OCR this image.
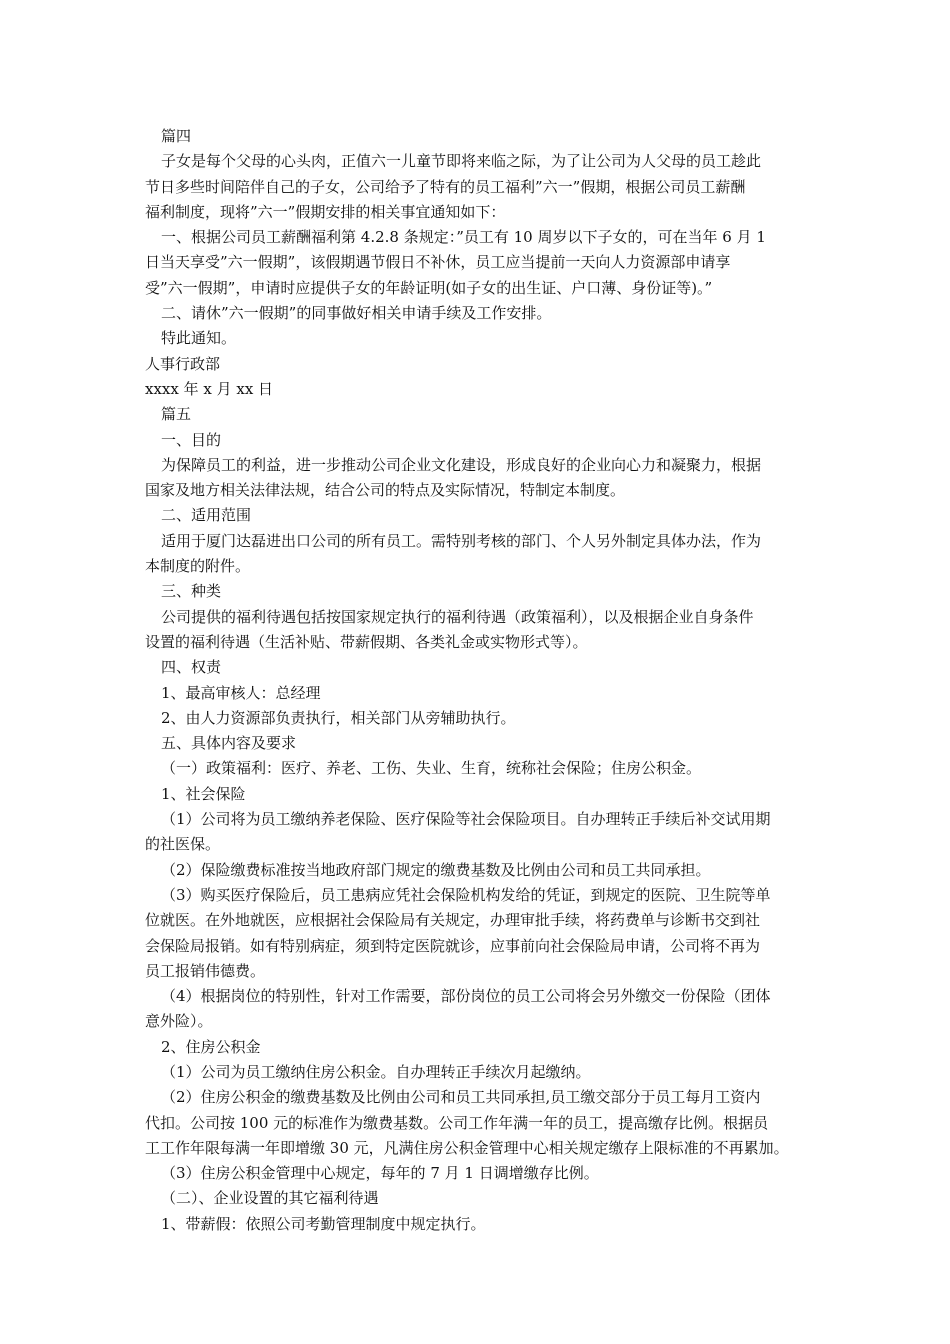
篇四
子女是每个父母的心头肉，正值六一儿童节即将来临之际，为了让公司为人父母的员工趁此
节日多些时间陪伴自己的子女，公司给予了特有的员工福利”六一”假期，根据公司员工薪酬
福利制度，现将”六一”假期安排的相关事宜通知如下：
一、根据公司员工薪酬福利第 4.2.8 条规定：”员工有 10 周岁以下子女的，可在当年 6 月 1
日当天享受”六一假期”，该假期遇节假日不补休，员工应当提前一天向人力资源部申请享
受”六一假期”，申请时应提供子女的年龄证明(如子女的出生证、户口薄、身份证等)。”
二、请休”六一假期”的同事做好相关申请手续及工作安排。
特此通知。
人事行政部
xxxx 年 x 月 xx 日
篇五
一、目的
为保障员工的利益，进一步推动公司企业文化建设，形成良好的企业向心力和凝聚力，根据
国家及地方相关法律法规，结合公司的特点及实际情况，特制定本制度。
二、适用范围
适用于厦门达磊进出口公司的所有员工。需特别考核的部门、个人另外制定具体办法，作为
本制度的附件。
三、种类
公司提供的福利待遇包括按国家规定执行的福利待遇（政策福利），以及根据企业自身条件
设置的福利待遇（生活补贴、带薪假期、各类礼金或实物形式等）。
四、权责
1、最高审核人：总经理
2、由人力资源部负责执行，相关部门从旁辅助执行。
五、具体内容及要求
（一）政策福利：医疗、养老、工伤、失业、生育，统称社会保险；住房公积金。
1、社会保险
（1）公司将为员工缴纳养老保险、医疗保险等社会保险项目。自办理转正手续后补交试用期
的社医保。
（2）保险缴费标准按当地政府部门规定的缴费基数及比例由公司和员工共同承担。
（3）购买医疗保险后，员工患病应凭社会保险机构发给的凭证，到规定的医院、卫生院等单
位就医。在外地就医，应根据社会保险局有关规定，办理审批手续，将药费单与诊断书交到社
会保险局报销。如有特别病症，须到特定医院就诊，应事前向社会保险局申请，公司将不再为
员工报销伟德费。
（4）根据岗位的特别性，针对工作需要，部份岗位的员工公司将会另外缴交一份保险（团体
意外险）。
2、住房公积金
（1）公司为员工缴纳住房公积金。自办理转正手续次月起缴纳。
（2）住房公积金的缴费基数及比例由公司和员工共同承担,员工缴交部分于员工每月工资内
代扣。公司按 100 元的标准作为缴费基数。公司工作年满一年的员工，提高缴存比例。根据员
工工作年限每满一年即增缴 30 元，凡满住房公积金管理中心相关规定缴存上限标准的不再累加。
（3）住房公积金管理中心规定，每年的 7 月 1 日调增缴存比例。
（二）、企业设置的其它福利待遇
1、带薪假：依照公司考勤管理制度中规定执行。
